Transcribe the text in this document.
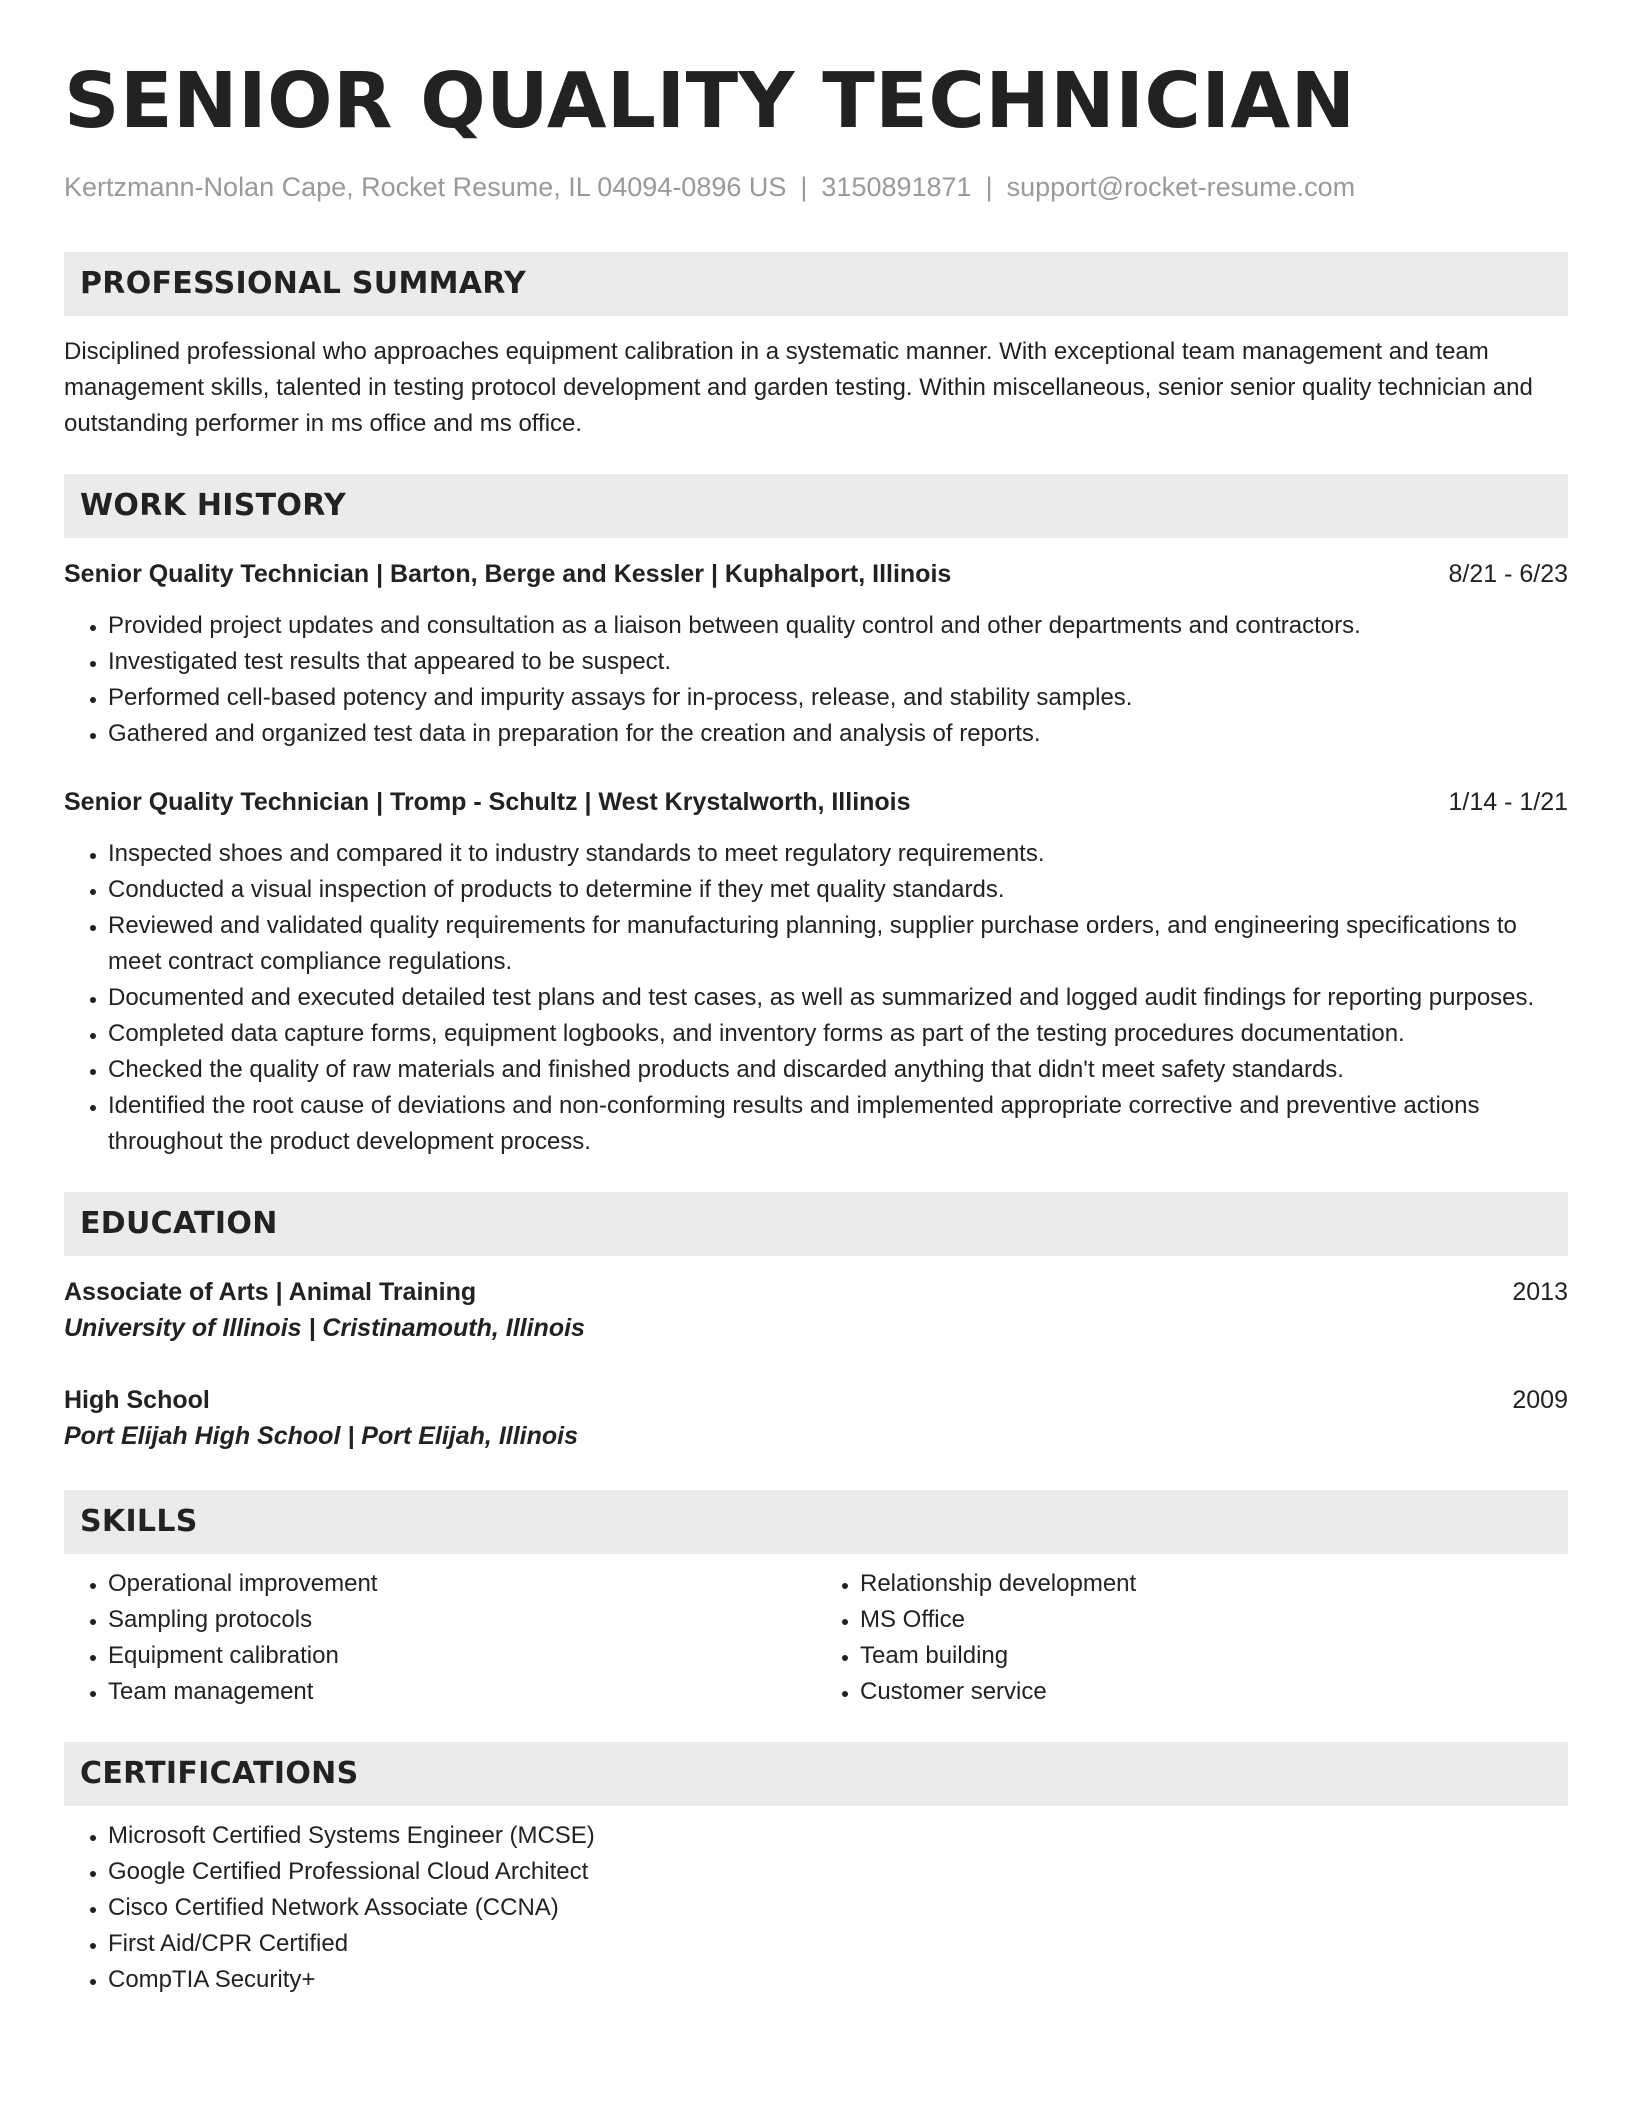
SENIOR QUALITY TECHNICIAN
Kertzmann-Nolan Cape, Rocket Resume, IL 04094-0896 US | 3150891871 | support@rocket-resume.com
PROFESSIONAL SUMMARY
Disciplined professional who approaches equipment calibration in a systematic manner. With exceptional team management and team management skills, talented in testing protocol development and garden testing. Within miscellaneous, senior senior quality technician and outstanding performer in ms office and ms office.
WORK HISTORY
Senior Quality Technician | Barton, Berge and Kessler | Kuphalport, Illinois	8/21 - 6/23
• Provided project updates and consultation as a liaison between quality control and other departments and contractors.
• Investigated test results that appeared to be suspect.
• Performed cell-based potency and impurity assays for in-process, release, and stability samples.
• Gathered and organized test data in preparation for the creation and analysis of reports.
Senior Quality Technician | Tromp - Schultz | West Krystalworth, Illinois	1/14 - 1/21
• Inspected shoes and compared it to industry standards to meet regulatory requirements.
• Conducted a visual inspection of products to determine if they met quality standards.
• Reviewed and validated quality requirements for manufacturing planning, supplier purchase orders, and engineering specifications to meet contract compliance regulations.
• Documented and executed detailed test plans and test cases, as well as summarized and logged audit findings for reporting purposes.
• Completed data capture forms, equipment logbooks, and inventory forms as part of the testing procedures documentation.
• Checked the quality of raw materials and finished products and discarded anything that didn't meet safety standards.
• Identified the root cause of deviations and non-conforming results and implemented appropriate corrective and preventive actions throughout the product development process.
EDUCATION
Associate of Arts | Animal Training	2013
University of Illinois | Cristinamouth, Illinois
High School	2009
Port Elijah High School | Port Elijah, Illinois
SKILLS
• Operational improvement
• Sampling protocols
• Equipment calibration
• Team management
• Relationship development
• MS Office
• Team building
• Customer service
CERTIFICATIONS
• Microsoft Certified Systems Engineer (MCSE)
• Google Certified Professional Cloud Architect
• Cisco Certified Network Associate (CCNA)
• First Aid/CPR Certified
• CompTIA Security+
